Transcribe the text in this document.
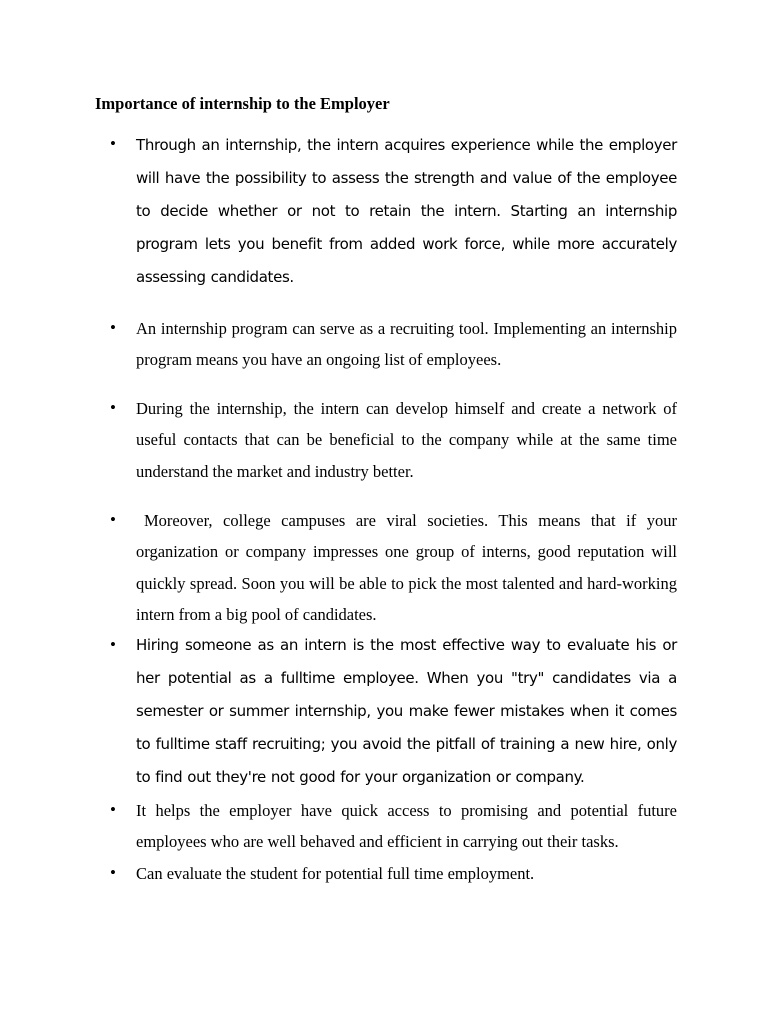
Importance of internship to the Employer
• Through an internship, the intern acquires experience while the employer will have the possibility to assess the strength and value of the employee to decide whether or not to retain the intern. Starting an internship program lets you benefit from added work force, while more accurately assessing candidates.

• An internship program can serve as a recruiting tool. Implementing an internship program means you have an ongoing list of employees.

• During the internship, the intern can develop himself and create a network of useful contacts that can be beneficial to the company while at the same time understand the market and industry better.

•	Moreover, college campuses are viral societies. This means that if your organization or company impresses one group of interns, good reputation will quickly spread. Soon you will be able to pick the most talented and hard-working intern from a big pool of candidates.

• Hiring someone as an intern is the most effective way to evaluate his or her potential as a fulltime employee. When you "try" candidates via a semester or summer internship, you make fewer mistakes when it comes to fulltime staff recruiting; you avoid the pitfall of training a new hire, only to find out they're not good for your organization or company.

• It helps the employer have quick access to promising and potential future employees who are well behaved and efficient in carrying out their tasks.

• Can evaluate the student for potential full time employment.
